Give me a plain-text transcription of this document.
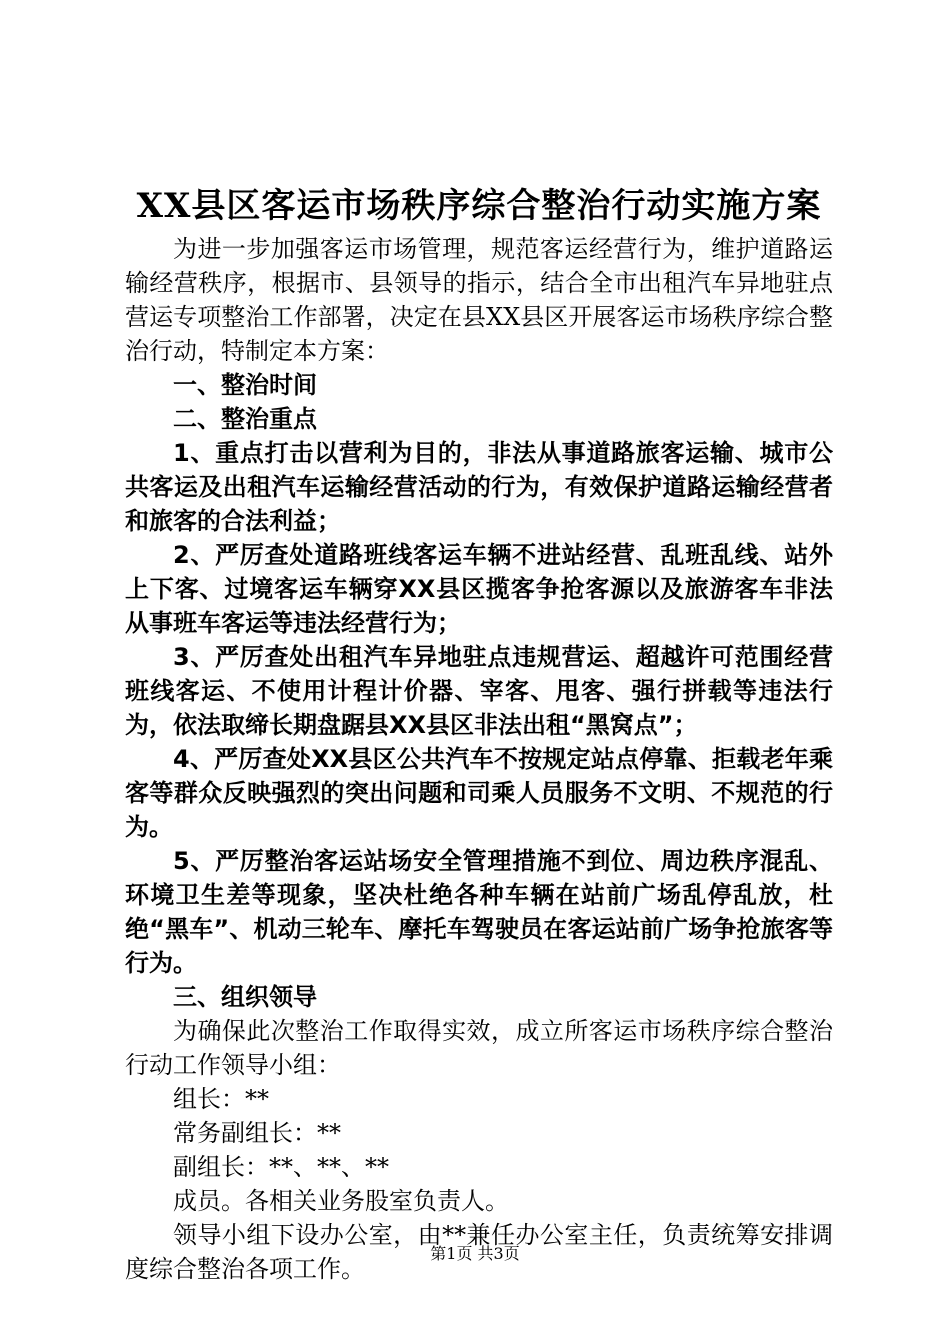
XX县区客运市场秩序综合整治行动实施方案

为进一步加强客运市场管理，规范客运经营行为，维护道路运输经营秩序，根据市、县领导的指示，结合全市出租汽车异地驻点营运专项整治工作部署，决定在县XX县区开展客运市场秩序综合整治行动，特制定本方案：

一、整治时间

二、整治重点

1、重点打击以营利为目的，非法从事道路旅客运输、城市公共客运及出租汽车运输经营活动的行为，有效保护道路运输经营者和旅客的合法利益；

2、严厉查处道路班线客运车辆不进站经营、乱班乱线、站外上下客、过境客运车辆穿XX县区揽客争抢客源以及旅游客车非法从事班车客运等违法经营行为；

3、严厉查处出租汽车异地驻点违规营运、超越许可范围经营班线客运、不使用计程计价器、宰客、甩客、强行拼载等违法行为，依法取缔长期盘踞县XX县区非法出租“黑窝点”；

4、严厉查处XX县区公共汽车不按规定站点停靠、拒载老年乘客等群众反映强烈的突出问题和司乘人员服务不文明、不规范的行为。

5、严厉整治客运站场安全管理措施不到位、周边秩序混乱、环境卫生差等现象，坚决杜绝各种车辆在站前广场乱停乱放，杜绝“黑车”、机动三轮车、摩托车驾驶员在客运站前广场争抢旅客等行为。

三、组织领导

为确保此次整治工作取得实效，成立所客运市场秩序综合整治行动工作领导小组：

组长：**

常务副组长：**

副组长：**、**、**

成员。各相关业务股室负责人。

领导小组下设办公室，由**兼任办公室主任，负责统筹安排调度综合整治各项工作。

第1页 共3页
